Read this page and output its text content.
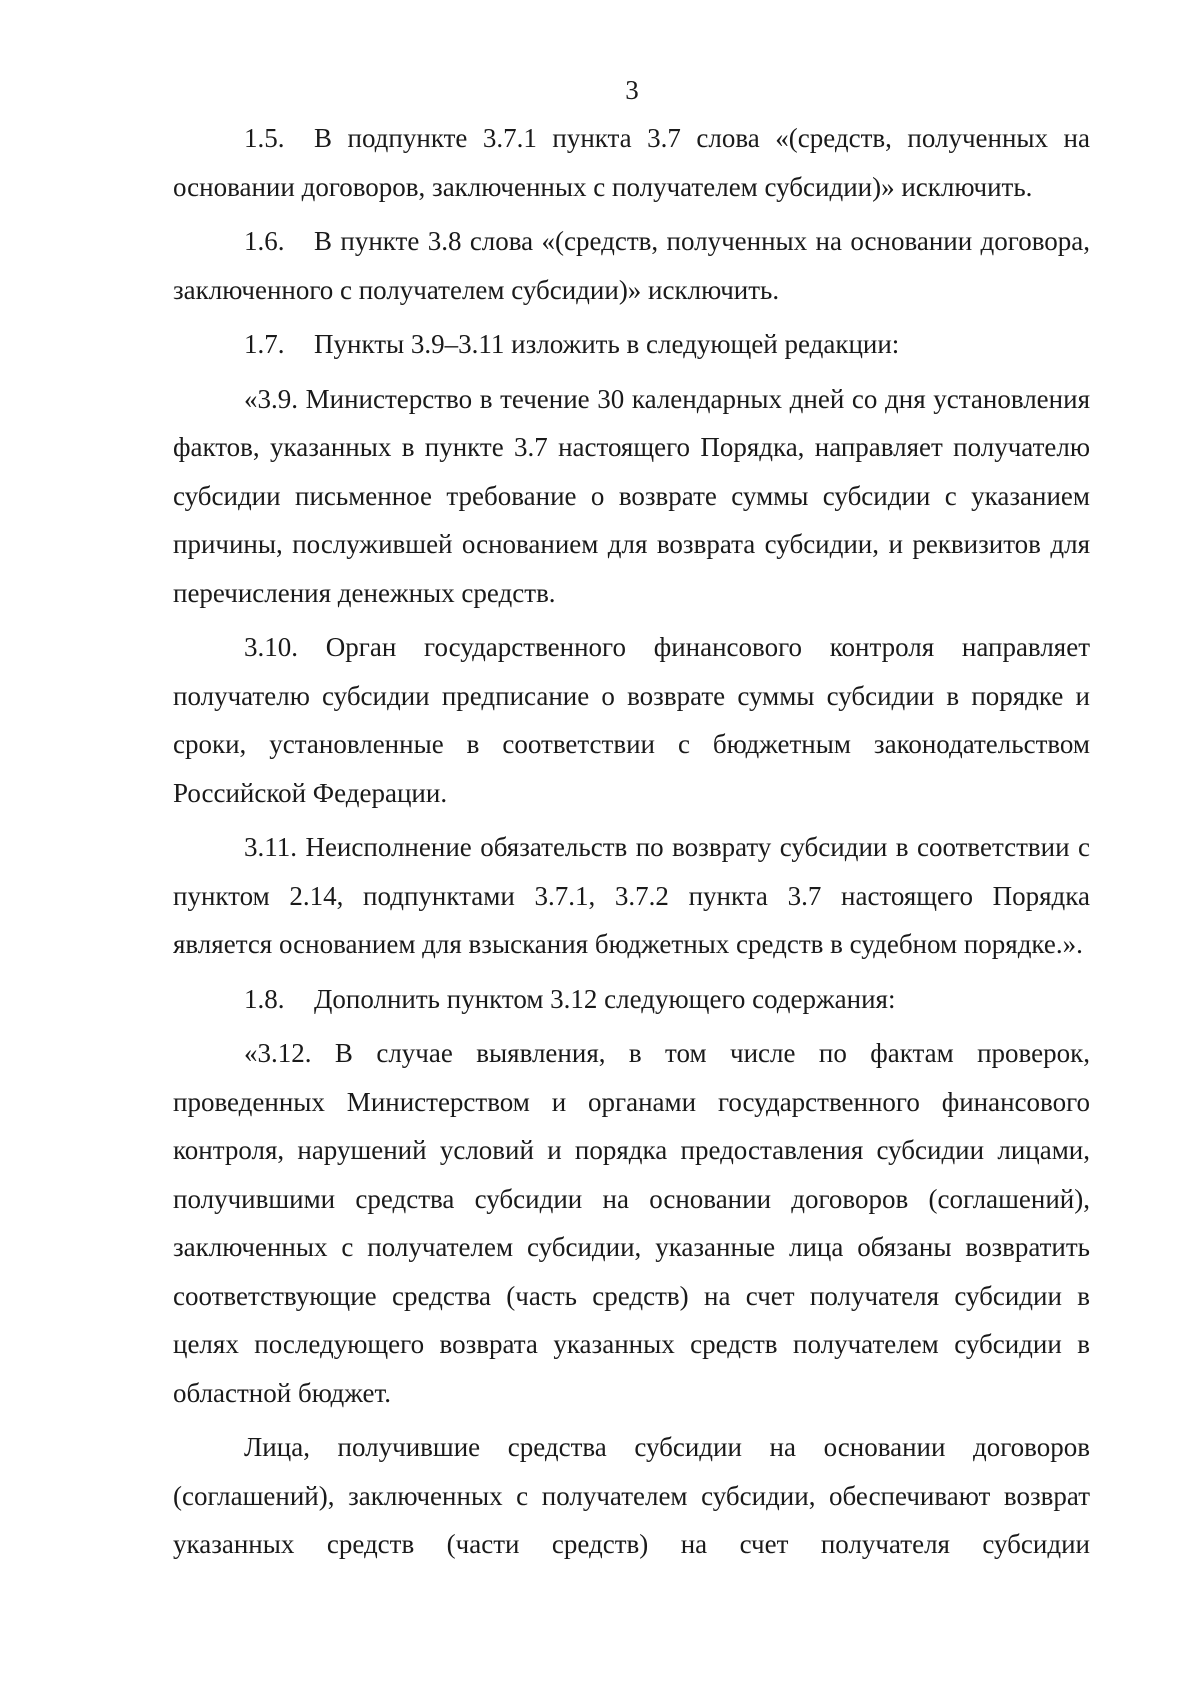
3

1.5. В подпункте 3.7.1 пункта 3.7 слова «(средств, полученных на основании договоров, заключенных с получателем субсидии)» исключить.

1.6. В пункте 3.8 слова «(средств, полученных на основании договора, заключенного с получателем субсидии)» исключить.

1.7. Пункты 3.9–3.11 изложить в следующей редакции:

«3.9. Министерство в течение 30 календарных дней со дня установления фактов, указанных в пункте 3.7 настоящего Порядка, направляет получателю субсидии письменное требование о возврате суммы субсидии с указанием причины, послужившей основанием для возврата субсидии, и реквизитов для перечисления денежных средств.

3.10. Орган государственного финансового контроля направляет получателю субсидии предписание о возврате суммы субсидии в порядке и сроки, установленные в соответствии с бюджетным законодательством Российской Федерации.

3.11. Неисполнение обязательств по возврату субсидии в соответствии с пунктом 2.14, подпунктами 3.7.1, 3.7.2 пункта 3.7 настоящего Порядка является основанием для взыскания бюджетных средств в судебном порядке.».

1.8. Дополнить пунктом 3.12 следующего содержания:

«3.12. В случае выявления, в том числе по фактам проверок, проведенных Министерством и органами государственного финансового контроля, нарушений условий и порядка предоставления субсидии лицами, получившими средства субсидии на основании договоров (соглашений), заключенных с получателем субсидии, указанные лица обязаны возвратить соответствующие средства (часть средств) на счет получателя субсидии в целях последующего возврата указанных средств получателем субсидии в областной бюджет.

Лица, получившие средства субсидии на основании договоров (соглашений), заключенных с получателем субсидии, обеспечивают возврат указанных средств (части средств) на счет получателя субсидии
